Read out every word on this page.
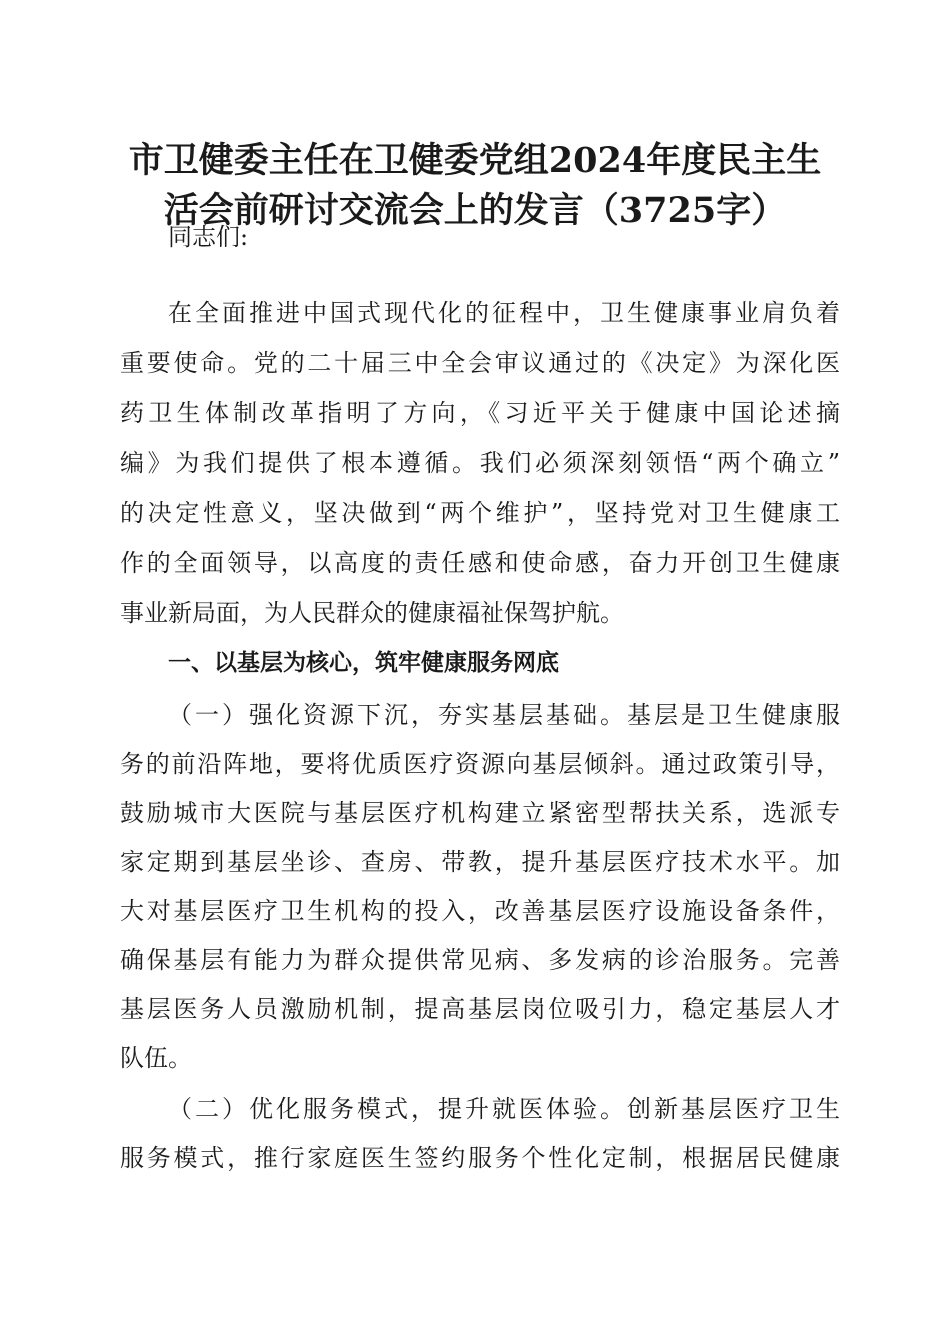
市卫健委主任在卫健委党组2024年度民主生
活会前研讨交流会上的发言（3725字）
同志们:
在全面推进中国式现代化的征程中，卫生健康事业肩负着
重要使命。党的二十届三中全会审议通过的《决定》为深化医
药卫生体制改革指明了方向，《习近平关于健康中国论述摘
编》为我们提供了根本遵循。我们必须深刻领悟“两个确立”
的决定性意义，坚决做到“两个维护”，坚持党对卫生健康工
作的全面领导，以高度的责任感和使命感，奋力开创卫生健康
事业新局面，为人民群众的健康福祉保驾护航。
一、以基层为核心，筑牢健康服务网底
（一）强化资源下沉，夯实基层基础。基层是卫生健康服
务的前沿阵地，要将优质医疗资源向基层倾斜。通过政策引导，
鼓励城市大医院与基层医疗机构建立紧密型帮扶关系，选派专
家定期到基层坐诊、查房、带教，提升基层医疗技术水平。加
大对基层医疗卫生机构的投入，改善基层医疗设施设备条件，
确保基层有能力为群众提供常见病、多发病的诊治服务。完善
基层医务人员激励机制，提高基层岗位吸引力，稳定基层人才
队伍。
（二）优化服务模式，提升就医体验。创新基层医疗卫生
服务模式，推行家庭医生签约服务个性化定制，根据居民健康
